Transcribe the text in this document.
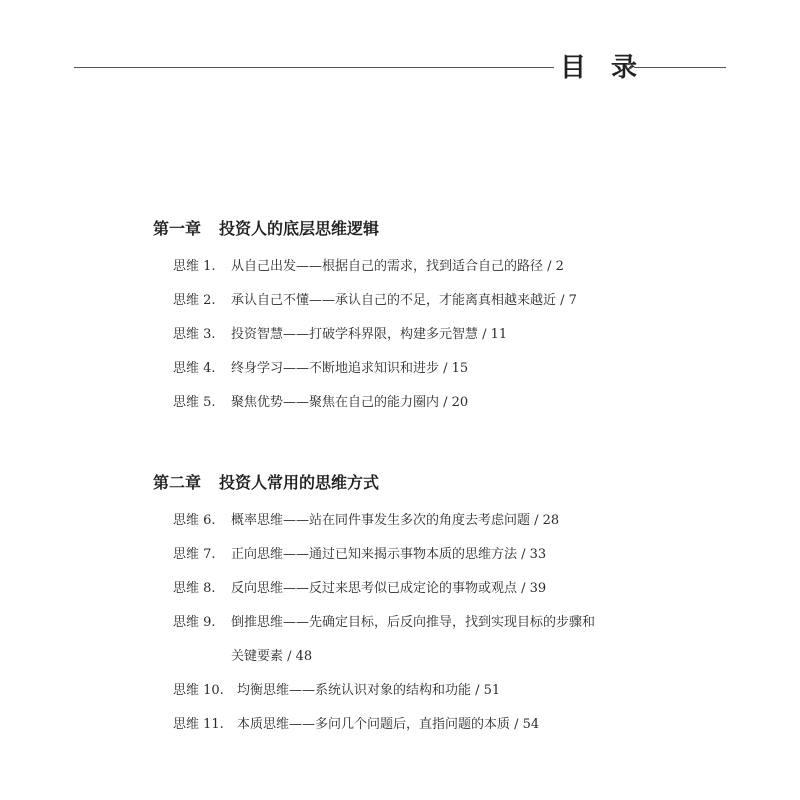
目 录
第一章 投资人的底层思维逻辑
思维 1. 从自己出发——根据自己的需求，找到适合自己的路径 / 2
思维 2. 承认自己不懂——承认自己的不足，才能离真相越来越近 / 7
思维 3. 投资智慧——打破学科界限，构建多元智慧 / 11
思维 4. 终身学习——不断地追求知识和进步 / 15
思维 5. 聚焦优势——聚焦在自己的能力圈内 / 20
第二章 投资人常用的思维方式
思维 6. 概率思维——站在同件事发生多次的角度去考虑问题 / 28
思维 7. 正向思维——通过已知来揭示事物本质的思维方法 / 33
思维 8. 反向思维——反过来思考似已成定论的事物或观点 / 39
思维 9. 倒推思维——先确定目标，后反向推导，找到实现目标的步骤和
关键要素 / 48
思维 10. 均衡思维——系统认识对象的结构和功能 / 51
思维 11. 本质思维——多问几个问题后，直指问题的本质 / 54
